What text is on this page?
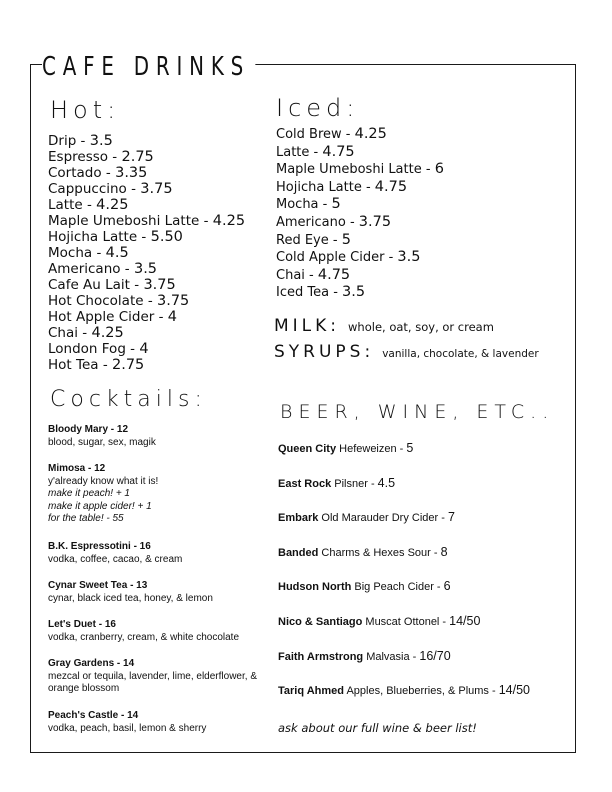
CAFE DRINKS
Hot:
Drip - 3.5
Espresso - 2.75
Cortado - 3.35
Cappuccino - 3.75
Latte - 4.25
Maple Umeboshi Latte - 4.25
Hojicha Latte - 5.50
Mocha - 4.5
Americano - 3.5
Cafe Au Lait - 3.75
Hot Chocolate - 3.75
Hot Apple Cider - 4
Chai - 4.25
London Fog - 4
Hot Tea - 2.75
Iced:
Cold Brew - 4.25
Latte - 4.75
Maple Umeboshi Latte - 6
Hojicha Latte - 4.75
Mocha - 5
Americano - 3.75
Red Eye - 5
Cold Apple Cider - 3.5
Chai - 4.75
Iced Tea - 3.5
MILK: whole, oat, soy, or cream
SYRUPS: vanilla, chocolate, & lavender
Cocktails:
Bloody Mary - 12
blood, sugar, sex, magik
Mimosa - 12
y'already know what it is!
make it peach! + 1
make it apple cider! + 1
for the table! - 55
B.K. Espressotini - 16
vodka, coffee, cacao, & cream
Cynar Sweet Tea - 13
cynar, black iced tea, honey, & lemon
Let's Duet - 16
vodka, cranberry, cream, & white chocolate
Gray Gardens - 14
mezcal or tequila, lavender, lime, elderflower, &
orange blossom
Peach's Castle - 14
vodka, peach, basil, lemon & sherry
BEER, WINE, ETC..
Queen City Hefeweizen - 5
East Rock Pilsner - 4.5
Embark Old Marauder Dry Cider - 7
Banded Charms & Hexes Sour - 8
Hudson North Big Peach Cider - 6
Nico & Santiago Muscat Ottonel - 14/50
Faith Armstrong Malvasia - 16/70
Tariq Ahmed Apples, Blueberries, & Plums - 14/50
ask about our full wine & beer list!
